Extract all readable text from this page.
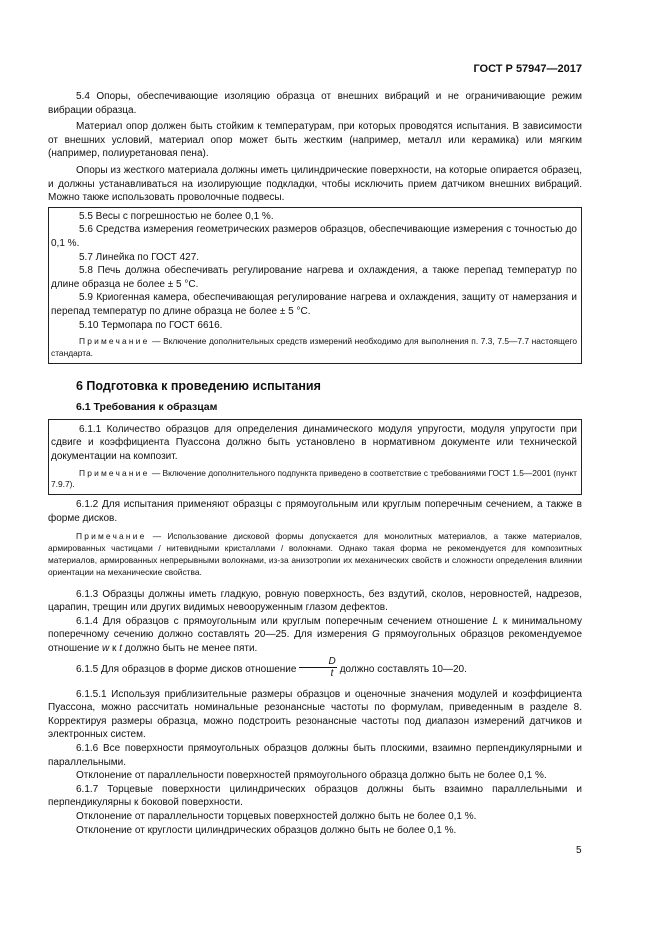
ГОСТ Р 57947—2017

5.4 Опоры, обеспечивающие изоляцию образца от внешних вибраций и не ограничивающие режим вибрации образца.

Материал опор должен быть стойким к температурам, при которых проводятся испытания. В зависимости от внешних условий, материал опор может быть жестким (например, металл или керамика) или мягким (например, полиуретановая пена).

Опоры из жесткого материала должны иметь цилиндрические поверхности, на которые опирается образец, и должны устанавливаться на изолирующие подкладки, чтобы исключить прием датчиком внешних вибраций. Можно также использовать проволочные подвесы.

5.5 Весы с погрешностью не более 0,1 %.

5.6 Средства измерения геометрических размеров образцов, обеспечивающие измерения с точностью до 0,1 %.

5.7 Линейка по ГОСТ 427.

5.8 Печь должна обеспечивать регулирование нагрева и охлаждения, а также перепад температур по длине образца не более ± 5 °С.

5.9 Криогенная камера, обеспечивающая регулирование нагрева и охлаждения, защиту от намерзания и перепад температур по длине образца не более ± 5 °С.

5.10 Термопара по ГОСТ 6616.

Примечание — Включение дополнительных средств измерений необходимо для выполнения п. 7.3, 7.5—7.7 настоящего стандарта.

6 Подготовка к проведению испытания

6.1 Требования к образцам

6.1.1 Количество образцов для определения динамического модуля упругости, модуля упругости при сдвиге и коэффициента Пуассона должно быть установлено в нормативном документе или технической документации на композит.

Примечание — Включение дополнительного подпункта приведено в соответствие с требованиями ГОСТ 1.5—2001 (пункт 7.9.7).

6.1.2 Для испытания применяют образцы с прямоугольным или круглым поперечным сечением, а также в форме дисков.

Примечание — Использование дисковой формы допускается для монолитных материалов, а также материалов, армированных частицами / нитевидными кристаллами / волокнами. Однако такая форма не рекомендуется для композитных материалов, армированных непрерывными волокнами, из-за анизотропии их механических свойств и сложности определения влиянии ориентации на механические свойства.

6.1.3 Образцы должны иметь гладкую, ровную поверхность, без вздутий, сколов, неровностей, надрезов, царапин, трещин или других видимых невооруженным глазом дефектов.

6.1.4 Для образцов с прямоугольным или круглым поперечным сечением отношение L к минимальному поперечному сечению должно составлять 20—25. Для измерения G прямоугольных образцов рекомендуемое отношение w к t должно быть не менее пяти.

6.1.5 Для образцов в форме дисков отношение $\frac{D}{t}$ должно составлять 10—20.

6.1.5.1 Используя приблизительные размеры образцов и оценочные значения модулей и коэффициента Пуассона, можно рассчитать номинальные резонансные частоты по формулам, приведенным в разделе 8. Корректируя размеры образца, можно подстроить резонансные частоты под диапазон измерений датчиков и электронных систем.

6.1.6 Все поверхности прямоугольных образцов должны быть плоскими, взаимно перпендикулярными и параллельными.

Отклонение от параллельности поверхностей прямоугольного образца должно быть не более 0,1 %.

6.1.7 Торцевые поверхности цилиндрических образцов должны быть взаимно параллельными и перпендикулярны к боковой поверхности.

Отклонение от параллельности торцевых поверхностей должно быть не более 0,1 %.

Отклонение от круглости цилиндрических образцов должно быть не более 0,1 %.

5
